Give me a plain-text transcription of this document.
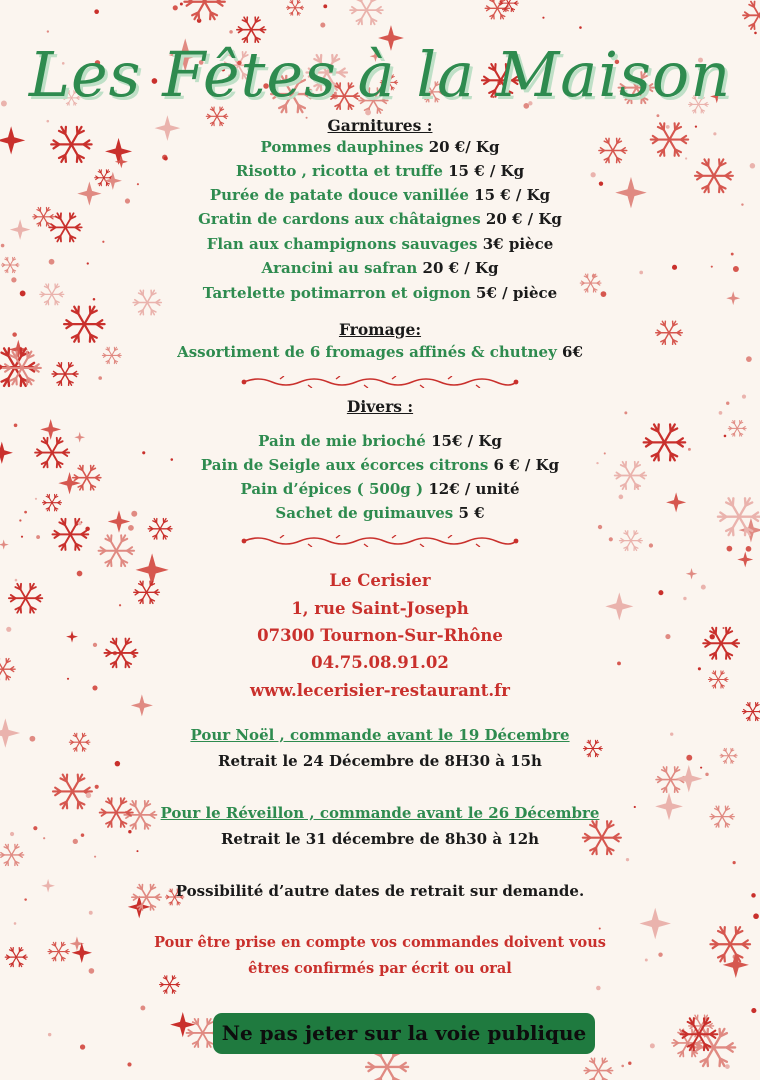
Les Fêtes à la Maison
Garnitures :
Pommes dauphines 20 €/ Kg
Risotto , ricotta et truffe 15 € / Kg
Purée de patate douce vanillée 15 € / Kg
Gratin de cardons aux châtaignes 20 € / Kg
Flan aux champignons sauvages 3€ pièce
Arancini au safran 20 € / Kg
Tartelette potimarron et oignon 5€ / pièce
Fromage:
Assortiment de 6 fromages affinés & chutney 6€
Divers :
Pain de mie brioché 15€ / Kg
Pain de Seigle aux écorces citrons 6 € / Kg
Pain d’épices ( 500g ) 12€ / unité
Sachet de guimauves 5 €
Le Cerisier
1, rue Saint-Joseph
07300 Tournon-Sur-Rhône
04.75.08.91.02
www.lecerisier-restaurant.fr
Pour Noël , commande avant le 19 Décembre
Retrait le 24 Décembre de 8H30 à 15h
Pour le Réveillon , commande avant le 26 Décembre
Retrait le 31 décembre de 8h30 à 12h
Possibilité d’autre dates de retrait sur demande.
Pour être prise en compte vos commandes doivent vous
êtres confirmés par écrit ou oral
Ne pas jeter sur la voie publique
